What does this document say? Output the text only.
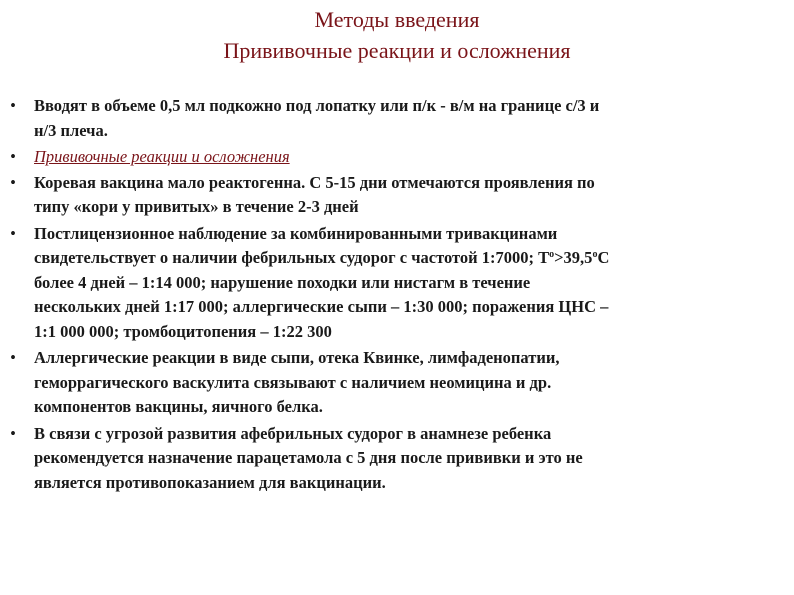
Методы введения
Прививочные реакции и осложнения
• Вводят в объеме 0,5 мл подкожно под лопатку или п/к - в/м на границе с/3 и
н/3 плеча.
• Прививочные реакции и осложнения
• Коревая вакцина мало реактогенна. С 5-15 дни отмечаются проявления по
типу «кори у привитых» в течение 2-3 дней
• Постлицензионное наблюдение за комбинированными тривакцинами
свидетельствует о наличии фебрильных судорог с частотой 1:7000; $Т^о>39,5^оС$
более 4 дней – 1:14 000; нарушение походки или нистагм в течение
нескольких дней 1:17 000; аллергические сыпи – 1:30 000; поражения ЦНС –
1:1 000 000; тромбоцитопения – 1:22 300
• Аллергические реакции в виде сыпи, отека Квинке, лимфаденопатии,
геморрагического васкулита связывают с наличием неомицина и др.
компонентов вакцины, яичного белка.
• В связи с угрозой развития афебрильных судорог в анамнезе ребенка
рекомендуется назначение парацетамола с 5 дня после прививки и это не
является противопоказанием для вакцинации.
